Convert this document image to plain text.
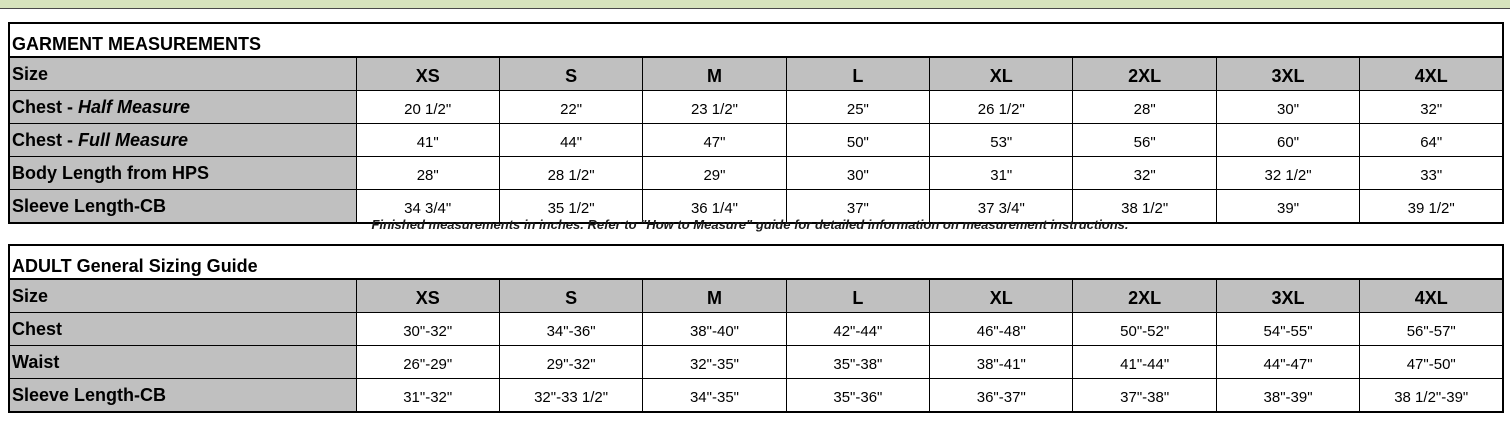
GARMENT MEASUREMENTS								
Size	XS	S	M	L	XL	2XL	3XL	4XL
Chest - Half Measure	20 1/2"	22"	23 1/2"	25"	26 1/2"	28"	30"	32"
Chest - Full Measure	41"	44"	47"	50"	53"	56"	60"	64"
Body Length from HPS	28"	28 1/2"	29"	30"	31"	32"	32 1/2"	33"
Sleeve Length-CB	34 3/4"	35 1/2"	36 1/4"	37"	37 3/4"	38 1/2"	39"	39 1/2"
Finished measurements in inches. Refer to "How to Measure" guide for detailed information on measurement instructions.
ADULT General Sizing Guide								
Size	XS	S	M	L	XL	2XL	3XL	4XL
Chest	30"-32"	34"-36"	38"-40"	42"-44"	46"-48"	50"-52"	54"-55"	56"-57"
Waist	26"-29"	29"-32"	32"-35"	35"-38"	38"-41"	41"-44"	44"-47"	47"-50"
Sleeve Length-CB	31"-32"	32"-33 1/2"	34"-35"	35"-36"	36"-37"	37"-38"	38"-39"	38 1/2"-39"
